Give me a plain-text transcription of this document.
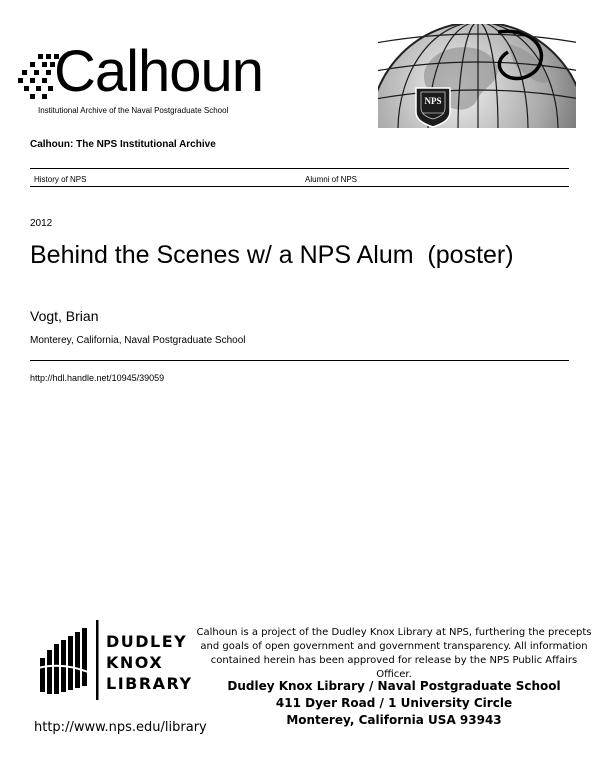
Calhoun
Institutional Archive of the Naval Postgraduate School
NPS
Calhoun: The NPS Institutional Archive
History of NPS	Alumni of NPS
2012
Behind the Scenes w/ a NPS Alum  (poster)
Vogt, Brian
Monterey, California, Naval Postgraduate School
http://hdl.handle.net/10945/39059
DUDLEY
KNOX
LIBRARY
http://www.nps.edu/library
Calhoun is a project of the Dudley Knox Library at NPS, furthering the precepts and goals of open government and government transparency. All information contained herein has been approved for release by the NPS Public Affairs Officer.
Dudley Knox Library / Naval Postgraduate School
411 Dyer Road / 1 University Circle
Monterey, California USA 93943
